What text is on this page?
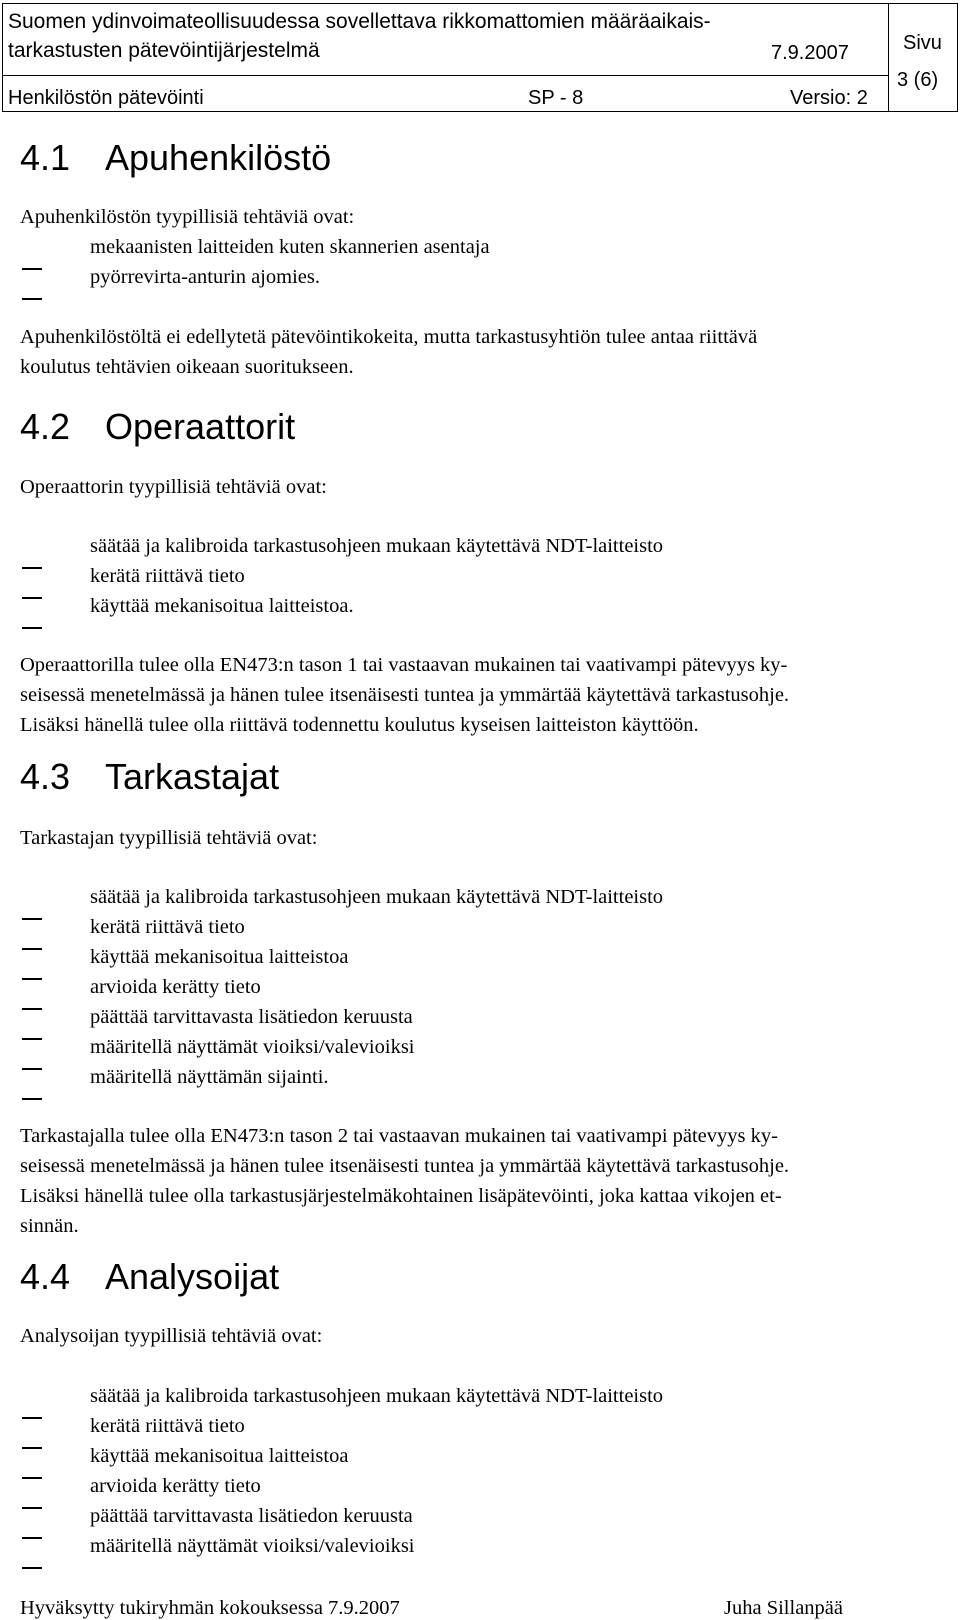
Suomen ydinvoimateollisuudessa sovellettava rikkomattomien määräaikais-
tarkastusten pätevöintijärjestelmä	7.9.2007	Sivu
3 (6)
Henkilöstön pätevöinti	SP - 8	Versio: 2
4.1 Apuhenkilöstö
Apuhenkilöstön tyypillisiä tehtäviä ovat:
mekaanisten laitteiden kuten skannerien asentaja
pyörrevirta-anturin ajomies.
Apuhenkilöstöltä ei edellytetä pätevöintikokeita, mutta tarkastusyhtiön tulee antaa riittävä
koulutus tehtävien oikeaan suoritukseen.
4.2 Operaattorit
Operaattorin tyypillisiä tehtäviä ovat:
säätää ja kalibroida tarkastusohjeen mukaan käytettävä NDT-laitteisto
kerätä riittävä tieto
käyttää mekanisoitua laitteistoa.
Operaattorilla tulee olla EN473:n tason 1 tai vastaavan mukainen tai vaativampi pätevyys ky-
seisessä menetelmässä ja hänen tulee itsenäisesti tuntea ja ymmärtää käytettävä tarkastusohje.
Lisäksi hänellä tulee olla riittävä todennettu koulutus kyseisen laitteiston käyttöön.
4.3 Tarkastajat
Tarkastajan tyypillisiä tehtäviä ovat:
säätää ja kalibroida tarkastusohjeen mukaan käytettävä NDT-laitteisto
kerätä riittävä tieto
käyttää mekanisoitua laitteistoa
arvioida kerätty tieto
päättää tarvittavasta lisätiedon keruusta
määritellä näyttämät vioiksi/valevioiksi
määritellä näyttämän sijainti.
Tarkastajalla tulee olla EN473:n tason 2 tai vastaavan mukainen tai vaativampi pätevyys ky-
seisessä menetelmässä ja hänen tulee itsenäisesti tuntea ja ymmärtää käytettävä tarkastusohje.
Lisäksi hänellä tulee olla tarkastusjärjestelmäkohtainen lisäpätevöinti, joka kattaa vikojen et-
sinnän.
4.4 Analysoijat
Analysoijan tyypillisiä tehtäviä ovat:
säätää ja kalibroida tarkastusohjeen mukaan käytettävä NDT-laitteisto
kerätä riittävä tieto
käyttää mekanisoitua laitteistoa
arvioida kerätty tieto
päättää tarvittavasta lisätiedon keruusta
määritellä näyttämät vioiksi/valevioiksi
Hyväksytty tukiryhmän kokouksessa 7.9.2007	Juha Sillanpää
